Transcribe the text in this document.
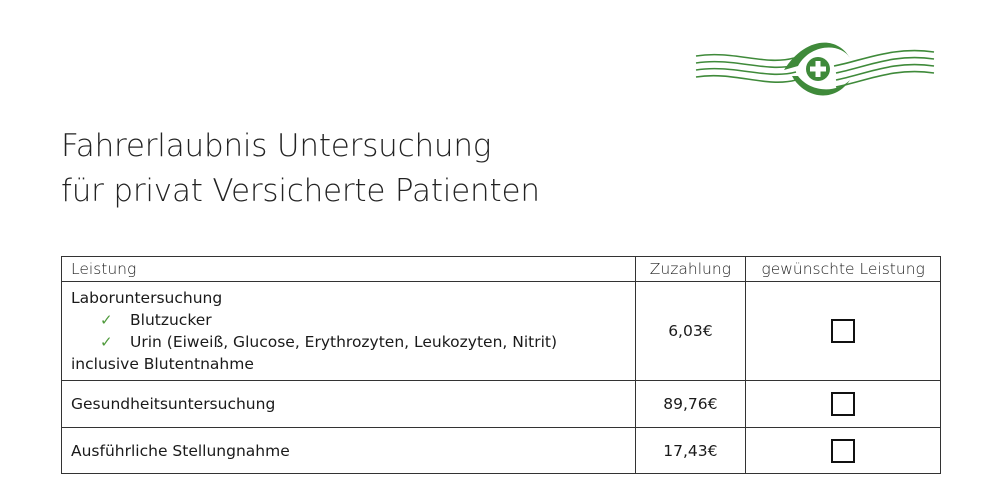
Fahrerlaubnis Untersuchung
für privat Versicherte Patienten
Leistung	Zuzahlung	gewünschte Leistung

Laboruntersuchung
✓ Blutzucker
✓ Urin (Eiweiß, Glucose, Erythrozyten, Leukozyten, Nitrit)
inclusive Blutentnahme	6,03€	
Gesundheitsuntersuchung	89,76€	
Ausführliche Stellungnahme	17,43€	
